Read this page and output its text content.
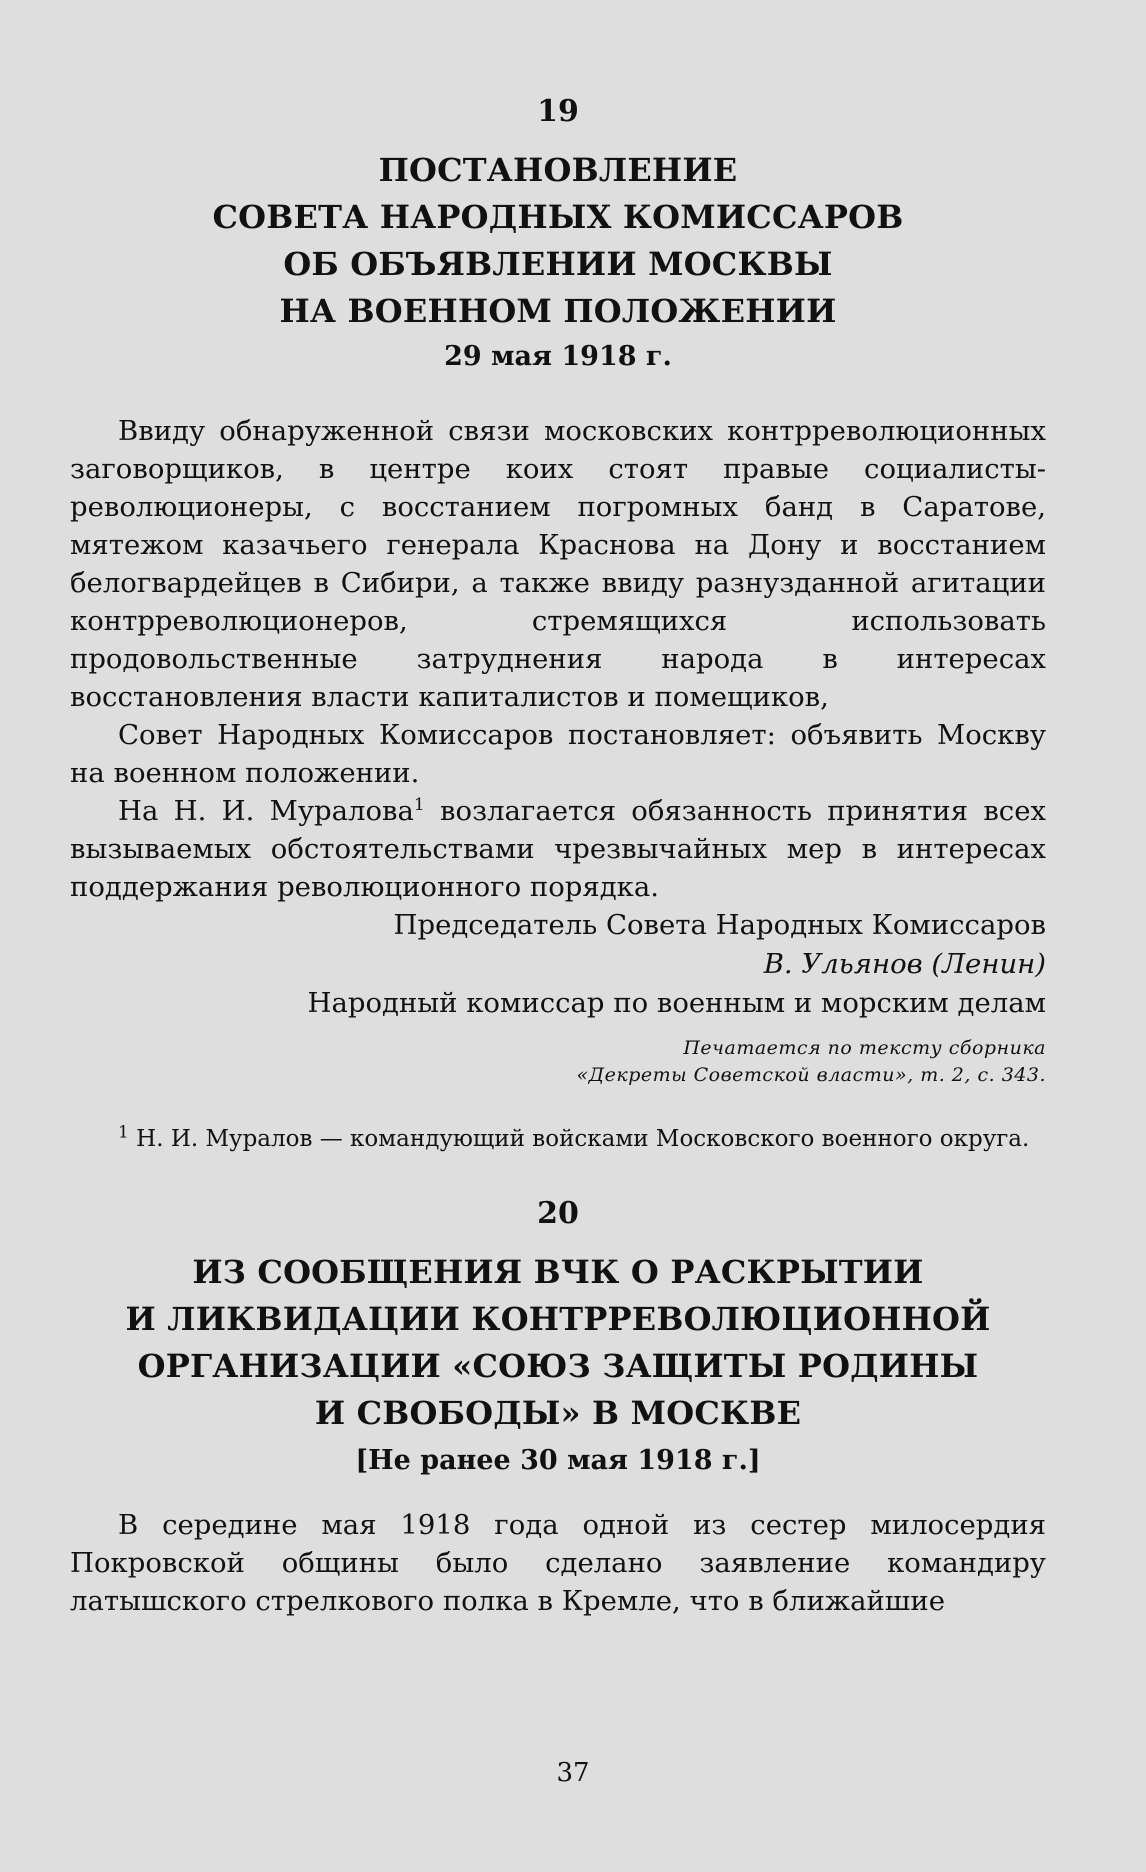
19
ПОСТАНОВЛЕНИЕ
СОВЕТА НАРОДНЫХ КОМИССАРОВ
ОБ ОБЪЯВЛЕНИИ МОСКВЫ
НА ВОЕННОМ ПОЛОЖЕНИИ
29 мая 1918 г.

Ввиду обнаруженной связи московских контрреволюционных заговорщиков, в центре коих стоят правые социалисты-революционеры, с восстанием погромных банд в Саратове, мятежом казачьего генерала Краснова на Дону и восстанием белогвардейцев в Сибири, а также ввиду разнузданной агитации контрреволюционеров, стремящихся использовать продовольственные затруднения народа в интересах восстановления власти капиталистов и помещиков,

Совет Народных Комиссаров постановляет: объявить Москву на военном положении.

На Н. И. Муралова$^1$ возлагается обязанность принятия всех вызываемых обстоятельствами чрезвычайных мер в интересах поддержания революционного порядка.

Председатель Совета Народных Комиссаров
В. Ульянов (Ленин)
Народный комиссар по военным и морским делам
Печатается по тексту сборника
«Декреты Советской власти», т. 2, с. 343.
$^1$ Н. И. Муралов — командующий войсками Московского военного округа.
20
ИЗ СООБЩЕНИЯ ВЧК О РАСКРЫТИИ
И ЛИКВИДАЦИИ КОНТРРЕВОЛЮЦИОННОЙ
ОРГАНИЗАЦИИ «СОЮЗ ЗАЩИТЫ РОДИНЫ
И СВОБОДЫ» В МОСКВЕ
[Не ранее 30 мая 1918 г.]

В середине мая 1918 года одной из сестер милосердия Покровской общины было сделано заявление командиру латышского стрелкового полка в Кремле, что в ближайшие

37
